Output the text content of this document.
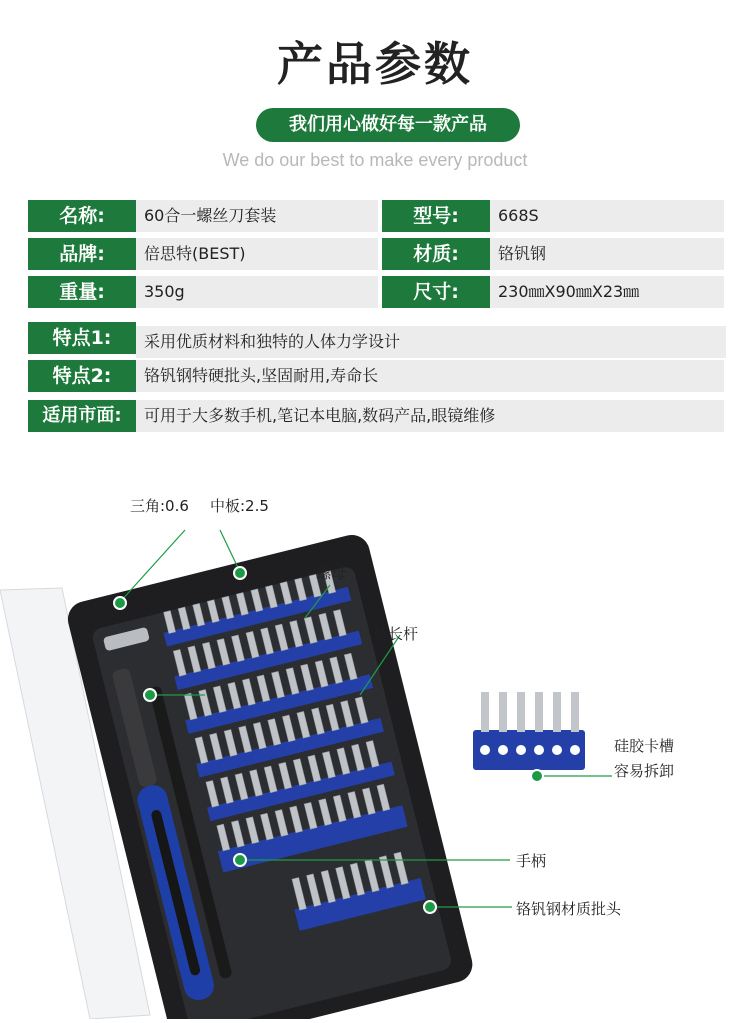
产品参数
我们用心做好每一款产品
We do our best to make every product
名称:	60合一螺丝刀套装	型号:	668S
品牌:	倍思特(BEST)	材质:	铬钒钢
重量:	350g	尺寸:	230㎜X90㎜X23㎜
特点1:	采用优质材料和独特的人体力学设计
特点2:	铬钒钢特硬批头,坚固耐用,寿命长
适用市面:	可用于大多数手机,笔记本电脑,数码产品,眼镜维修
三角:0.6 中板:2.5
螺母
延长杆
硅胶卡槽
容易拆卸
手柄
铬钒钢材质批头
